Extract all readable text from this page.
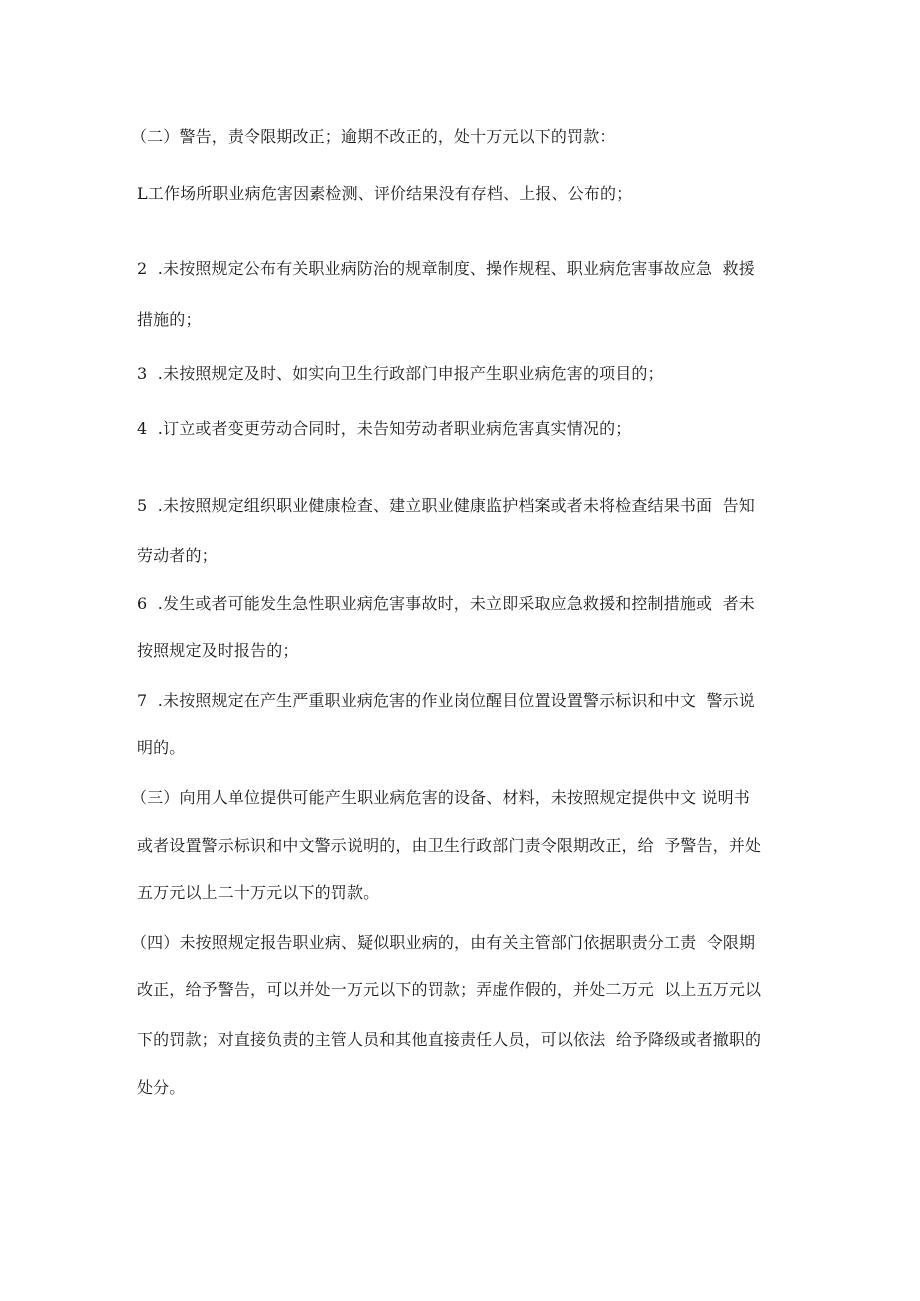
（二）警告，责令限期改正；逾期不改正的，处十万元以下的罚款：
L工作场所职业病危害因素检测、评价结果没有存档、上报、公布的；
2  .未按照规定公布有关职业病防治的规章制度、操作规程、职业病危害事故应急  救援
措施的；
3  .未按照规定及时、如实向卫生行政部门申报产生职业病危害的项目的；
4  .订立或者变更劳动合同时，未告知劳动者职业病危害真实情况的；
5  .未按照规定组织职业健康检查、建立职业健康监护档案或者未将检查结果书面  告知
劳动者的；
6  .发生或者可能发生急性职业病危害事故时，未立即采取应急救援和控制措施或  者未
按照规定及时报告的；
7  .未按照规定在产生严重职业病危害的作业岗位醒目位置设置警示标识和中文  警示说
明的。
（三）向用人单位提供可能产生职业病危害的设备、材料，未按照规定提供中文 说明书
或者设置警示标识和中文警示说明的，由卫生行政部门责令限期改正，给  予警告，并处
五万元以上二十万元以下的罚款。
（四）未按照规定报告职业病、疑似职业病的，由有关主管部门依据职责分工责  令限期
改正，给予警告，可以并处一万元以下的罚款；弄虚作假的，并处二万元  以上五万元以
下的罚款；对直接负责的主管人员和其他直接责任人员，可以依法  给予降级或者撤职的
处分。
